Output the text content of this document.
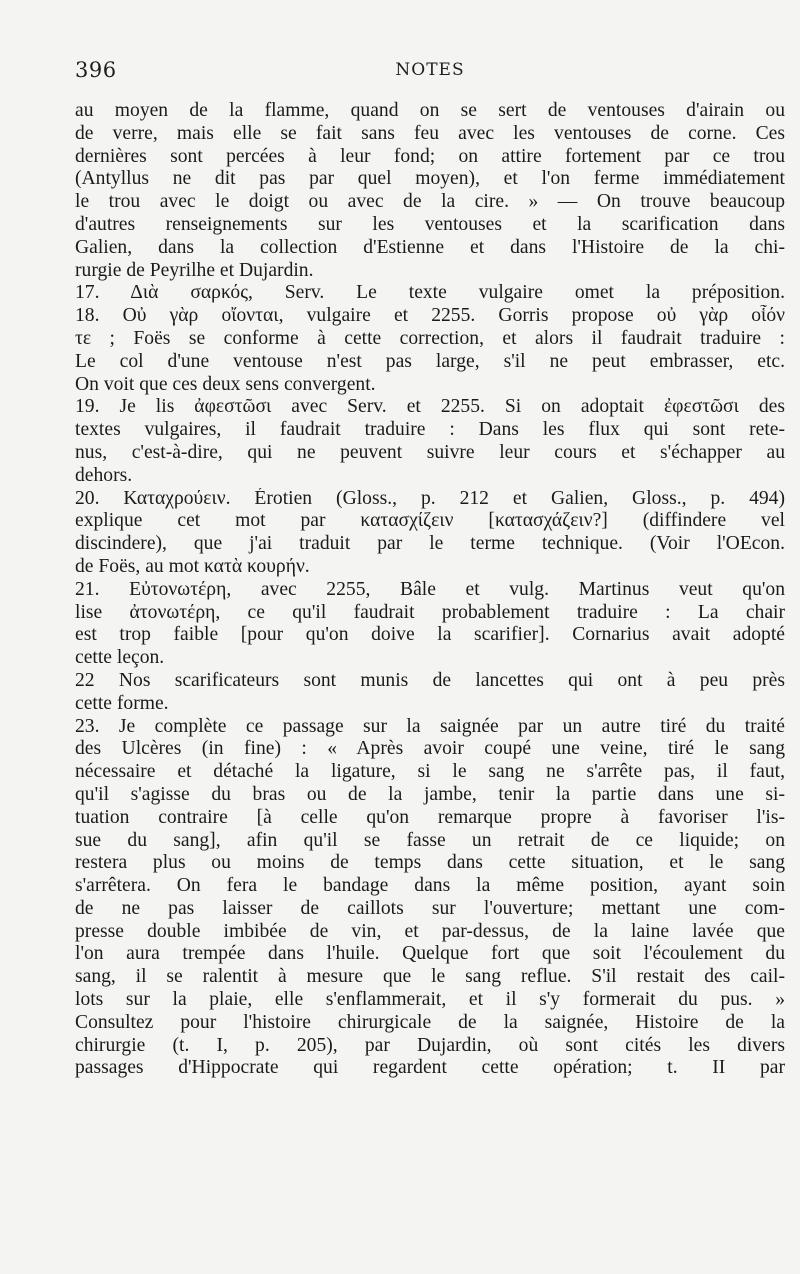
396	NOTES
au moyen de la flamme, quand on se sert de ventouses d'airain ou
de verre, mais elle se fait sans feu avec les ventouses de corne. Ces
dernières sont percées à leur fond; on attire fortement par ce trou
(Antyllus ne dit pas par quel moyen), et l'on ferme immédiatement
le trou avec le doigt ou avec de la cire. » — On trouve beaucoup
d'autres renseignements sur les ventouses et la scarification dans
Galien, dans la collection d'Estienne et dans l'Histoire de la chi-
rurgie de Peyrilhe et Dujardin.
17. Διὰ σαρκός, Serv. Le texte vulgaire omet la préposition.
18. Οὐ γὰρ οἴονται, vulgaire et 2255. Gorris propose οὐ γὰρ οἷόν
τε ; Foës se conforme à cette correction, et alors il faudrait traduire :
Le col d'une ventouse n'est pas large, s'il ne peut embrasser, etc.
On voit que ces deux sens convergent.
19. Je lis ἀφεστῶσι avec Serv. et 2255. Si on adoptait ἐφεστῶσι des
textes vulgaires, il faudrait traduire : Dans les flux qui sont rete-
nus, c'est-à-dire, qui ne peuvent suivre leur cours et s'échapper au
dehors.
20. Καταχρούειν. Érotien (Gloss., p. 212 et Galien, Gloss., p. 494)
explique cet mot par κατασχίζειν [κατασχάζειν?] (diffindere vel
discindere), que j'ai traduit par le terme technique. (Voir l'OEcon.
de Foës, au mot κατὰ κουρήν.
21. Εὐτονωτέρη, avec 2255, Bâle et vulg. Martinus veut qu'on
lise ἀτονωτέρη, ce qu'il faudrait probablement traduire : La chair
est trop faible [pour qu'on doive la scarifier]. Cornarius avait adopté
cette leçon.
22 Nos scarificateurs sont munis de lancettes qui ont à peu près
cette forme.
23. Je complète ce passage sur la saignée par un autre tiré du traité
des Ulcères (in fine) : « Après avoir coupé une veine, tiré le sang
nécessaire et détaché la ligature, si le sang ne s'arrête pas, il faut,
qu'il s'agisse du bras ou de la jambe, tenir la partie dans une si-
tuation contraire [à celle qu'on remarque propre à favoriser l'is-
sue du sang], afin qu'il se fasse un retrait de ce liquide; on
restera plus ou moins de temps dans cette situation, et le sang
s'arrêtera. On fera le bandage dans la même position, ayant soin
de ne pas laisser de caillots sur l'ouverture; mettant une com-
presse double imbibée de vin, et par-dessus, de la laine lavée que
l'on aura trempée dans l'huile. Quelque fort que soit l'écoulement du
sang, il se ralentit à mesure que le sang reflue. S'il restait des cail-
lots sur la plaie, elle s'enflammerait, et il s'y formerait du pus. »
Consultez pour l'histoire chirurgicale de la saignée, Histoire de la
chirurgie (t. I, p. 205), par Dujardin, où sont cités les divers
passages d'Hippocrate qui regardent cette opération; t. II par
